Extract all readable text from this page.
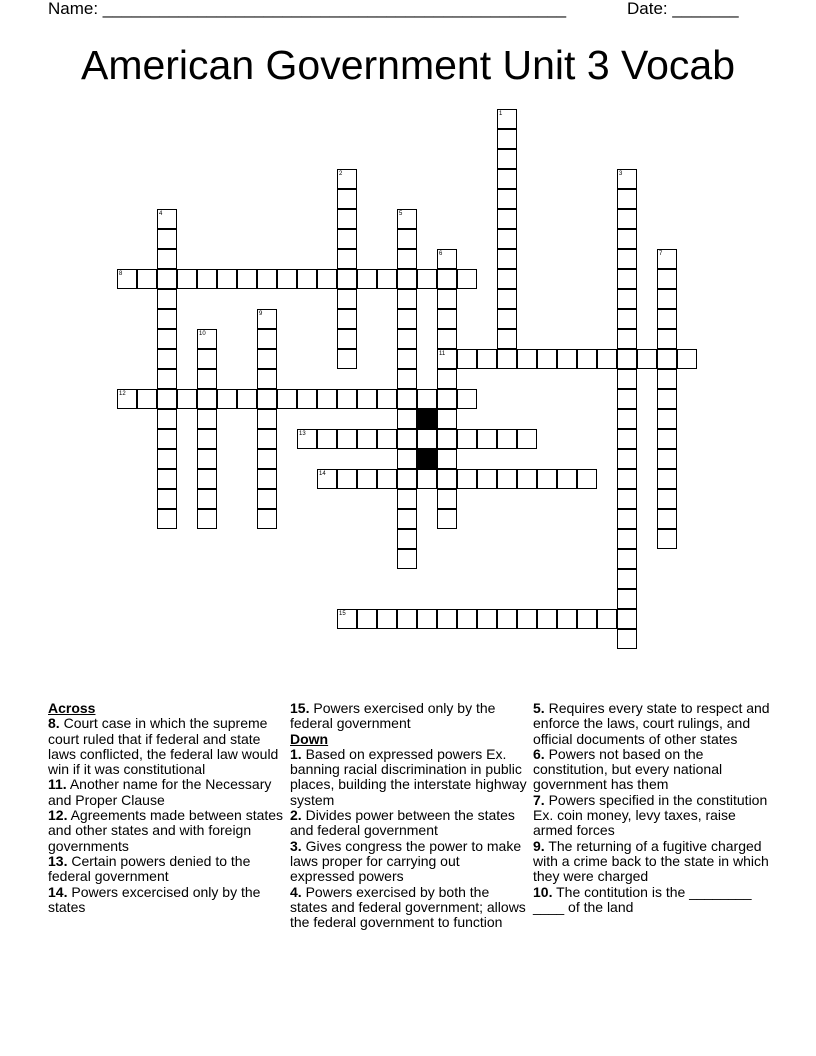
Name: _________________________________________________

	Date: _______

American Government Unit 3 Vocab
1
2	3
4	5
6
11
7
8
9
10
12
13
14
15
Across

8. Court case in which the supreme court ruled that if federal and state laws conflicted, the federal law would win if it was constitutional

11. Another name for the Necessary and Proper Clause

12. Agreements made between states and other states and with foreign governments

13. Certain powers denied to the federal government

14. Powers excercised only by the states

15. Powers exercised only by the federal government

Down

1. Based on expressed powers Ex. banning racial discrimination in public places, building the interstate highway system

2. Divides power between the states and federal government

3. Gives congress the power to make laws proper for carrying out expressed powers

4. Powers exercised by both the states and federal government; allows the federal government to function

5. Requires every state to respect and enforce the laws, court rulings, and official documents of other states

6. Powers not based on the constitution, but every national government has them

7. Powers specified in the constitution Ex. coin money, levy taxes, raise armed forces

9. The returning of a fugitive charged with a crime back to the state in which they were charged

10. The contitution is the ________ ____ of the land
